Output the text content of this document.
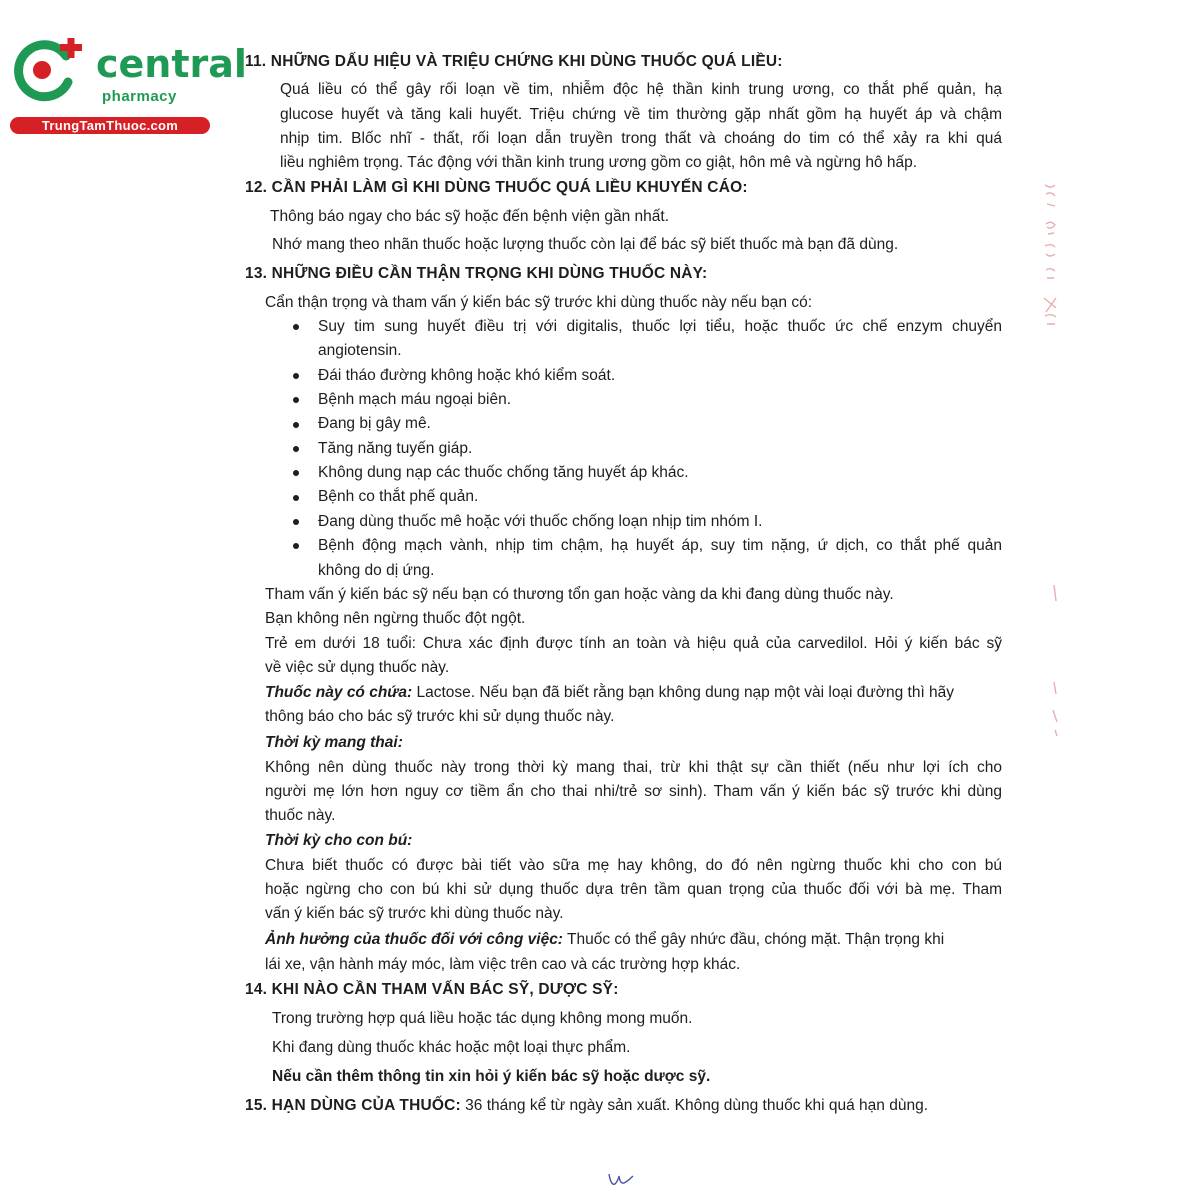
central
pharmacy
TrungTamThuoc.com
11. NHỮNG DẤU HIỆU VÀ TRIỆU CHỨNG KHI DÙNG THUỐC QUÁ LIỀU:
Quá liều có thể gây rối loạn về tim, nhiễm độc hệ thần kinh trung ương, co thắt phế quản, hạ
glucose huyết và tăng kali huyết. Triệu chứng về tim thường gặp nhất gồm hạ huyết áp và chậm
nhịp tim. Blốc nhĩ - thất, rối loạn dẫn truyền trong thất và choáng do tim có thể xảy ra khi quá
liều nghiêm trọng. Tác động với thần kinh trung ương gồm co giật, hôn mê và ngừng hô hấp.
12. CẦN PHẢI LÀM GÌ KHI DÙNG THUỐC QUÁ LIỀU KHUYẾN CÁO:
Thông báo ngay cho bác sỹ hoặc đến bệnh viện gần nhất.
Nhớ mang theo nhãn thuốc hoặc lượng thuốc còn lại để bác sỹ biết thuốc mà bạn đã dùng.
13. NHỮNG ĐIỀU CẦN THẬN TRỌNG KHI DÙNG THUỐC NÀY:
Cẩn thận trọng và tham vấn ý kiến bác sỹ trước khi dùng thuốc này nếu bạn có:
Suy tim sung huyết điều trị với digitalis, thuốc lợi tiểu, hoặc thuốc ức chế enzym chuyển
angiotensin.
Đái tháo đường không hoặc khó kiểm soát.
Bệnh mạch máu ngoại biên.
Đang bị gây mê.
Tăng năng tuyến giáp.
Không dung nạp các thuốc chống tăng huyết áp khác.
Bệnh co thắt phế quản.
Đang dùng thuốc mê hoặc với thuốc chống loạn nhịp tim nhóm I.
Bệnh động mạch vành, nhịp tim chậm, hạ huyết áp, suy tim nặng, ứ dịch, co thắt phế quản
không do dị ứng.
Tham vấn ý kiến bác sỹ nếu bạn có thương tổn gan hoặc vàng da khi đang dùng thuốc này.
Bạn không nên ngừng thuốc đột ngột.
Trẻ em dưới 18 tuổi: Chưa xác định được tính an toàn và hiệu quả của carvedilol. Hỏi ý kiến bác sỹ
về việc sử dụng thuốc này.
Thuốc này có chứa: Lactose. Nếu bạn đã biết rằng bạn không dung nạp một vài loại đường thì hãy
thông báo cho bác sỹ trước khi sử dụng thuốc này.
Thời kỳ mang thai:
Không nên dùng thuốc này trong thời kỳ mang thai, trừ khi thật sự cần thiết (nếu như lợi ích cho
người mẹ lớn hơn nguy cơ tiềm ẩn cho thai nhi/trẻ sơ sinh). Tham vấn ý kiến bác sỹ trước khi dùng
thuốc này.
Thời kỳ cho con bú:
Chưa biết thuốc có được bài tiết vào sữa mẹ hay không, do đó nên ngừng thuốc khi cho con bú
hoặc ngừng cho con bú khi sử dụng thuốc dựa trên tầm quan trọng của thuốc đối với bà mẹ. Tham
vấn ý kiến bác sỹ trước khi dùng thuốc này.
Ảnh hưởng của thuốc đối với công việc: Thuốc có thể gây nhức đầu, chóng mặt. Thận trọng khi
lái xe, vận hành máy móc, làm việc trên cao và các trường hợp khác.
14. KHI NÀO CẦN THAM VẤN BÁC SỸ, DƯỢC SỸ:
Trong trường hợp quá liều hoặc tác dụng không mong muốn.
Khi đang dùng thuốc khác hoặc một loại thực phẩm.
Nếu cần thêm thông tin xin hỏi ý kiến bác sỹ hoặc dược sỹ.
15. HẠN DÙNG CỦA THUỐC: 36 tháng kể từ ngày sản xuất. Không dùng thuốc khi quá hạn dùng.
